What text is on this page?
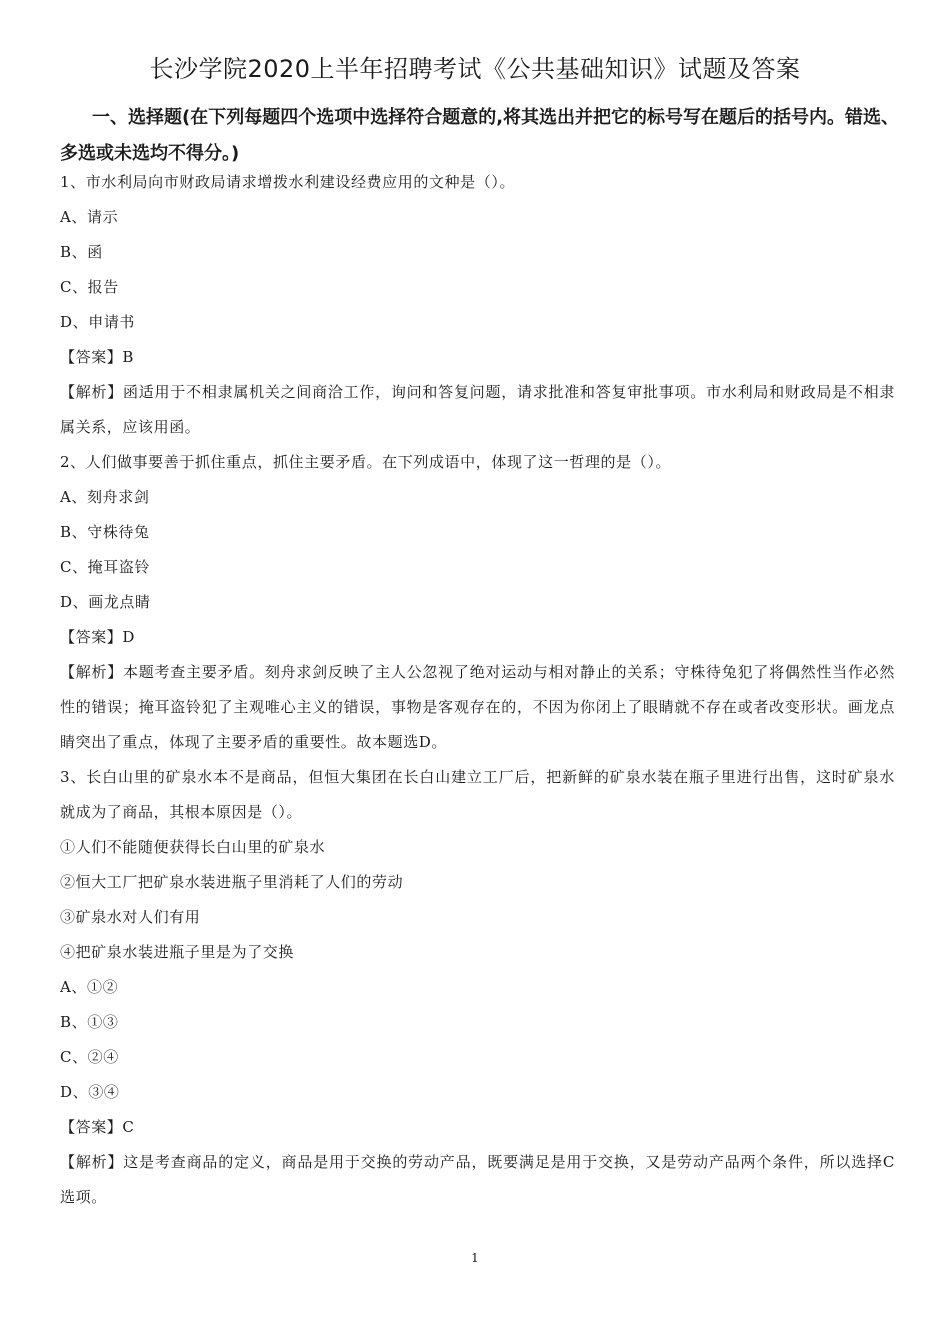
长沙学院2020上半年招聘考试《公共基础知识》试题及答案
一、选择题(在下列每题四个选项中选择符合题意的,将其选出并把它的标号写在题后的括号内。错选、多选或未选均不得分。)
1、市水利局向市财政局请求增拨水利建设经费应用的文种是（）。
A、请示
B、函
C、报告
D、申请书
【答案】B
【解析】函适用于不相隶属机关之间商洽工作，询问和答复问题，请求批准和答复审批事项。市水利局和财政局是不相隶属关系，应该用函。
2、人们做事要善于抓住重点，抓住主要矛盾。在下列成语中，体现了这一哲理的是（）。
A、刻舟求剑
B、守株待兔
C、掩耳盗铃
D、画龙点睛
【答案】D
【解析】本题考查主要矛盾。刻舟求剑反映了主人公忽视了绝对运动与相对静止的关系；守株待兔犯了将偶然性当作必然性的错误；掩耳盗铃犯了主观唯心主义的错误，事物是客观存在的，不因为你闭上了眼睛就不存在或者改变形状。画龙点睛突出了重点，体现了主要矛盾的重要性。故本题选D。
3、长白山里的矿泉水本不是商品，但恒大集团在长白山建立工厂后，把新鲜的矿泉水装在瓶子里进行出售，这时矿泉水就成为了商品，其根本原因是（）。
①人们不能随便获得长白山里的矿泉水
②恒大工厂把矿泉水装进瓶子里消耗了人们的劳动
③矿泉水对人们有用
④把矿泉水装进瓶子里是为了交换
A、①②
B、①③
C、②④
D、③④
【答案】C
【解析】这是考查商品的定义，商品是用于交换的劳动产品，既要满足是用于交换，又是劳动产品两个条件，所以选择C选项。
1
